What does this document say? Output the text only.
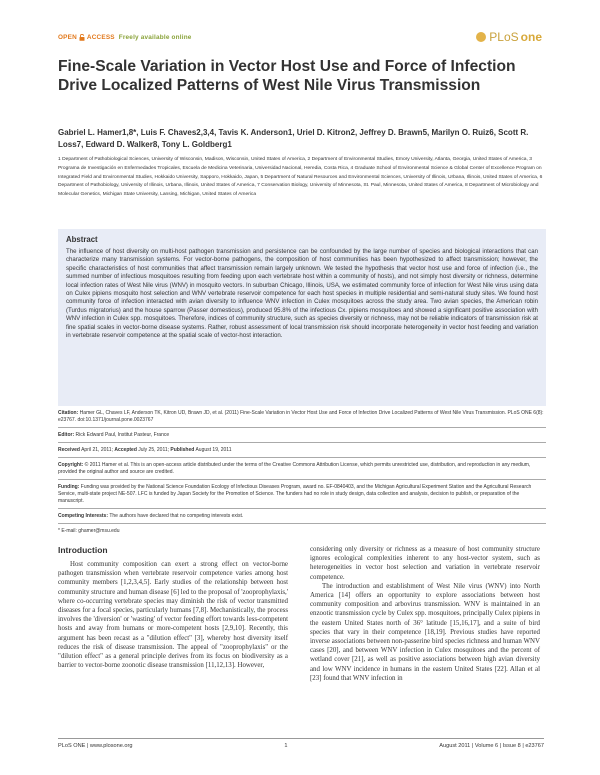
OPEN ACCESS Freely available online	PLoS one
Fine-Scale Variation in Vector Host Use and Force of Infection Drive Localized Patterns of West Nile Virus Transmission
Gabriel L. Hamer1,8*, Luis F. Chaves2,3,4, Tavis K. Anderson1, Uriel D. Kitron2, Jeffrey D. Brawn5, Marilyn O. Ruiz6, Scott R. Loss7, Edward D. Walker8, Tony L. Goldberg1
1 Department of Pathobiological Sciences, University of Wisconsin, Madison, Wisconsin, United States of America, 2 Department of Environmental Studies, Emory University, Atlanta, Georgia, United States of America, 3 Programa de Investigación en Enfermedades Tropicales, Escuela de Medicina Veterinaria, Universidad Nacional, Heredia, Costa Rica, 4 Graduate School of Environmental Science & Global Center of Excellence Program on Integrated Field and Environmental Studies, Hokkaido University, Sapporo, Hokkaido, Japan, 5 Department of Natural Resources and Environmental Sciences, University of Illinois, Urbana, Illinois, United States of America, 6 Department of Pathobiology, University of Illinois, Urbana, Illinois, United States of America, 7 Conservation Biology, University of Minnesota, St. Paul, Minnesota, United States of America, 8 Department of Microbiology and Molecular Genetics, Michigan State University, Lansing, Michigan, United States of America
Abstract

The influence of host diversity on multi-host pathogen transmission and persistence can be confounded by the large number of species and biological interactions that can characterize many transmission systems. For vector-borne pathogens, the composition of host communities has been hypothesized to affect transmission; however, the specific characteristics of host communities that affect transmission remain largely unknown. We tested the hypothesis that vector host use and force of infection (i.e., the summed number of infectious mosquitoes resulting from feeding upon each vertebrate host within a community of hosts), and not simply host diversity or richness, determine local infection rates of West Nile virus (WNV) in mosquito vectors. In suburban Chicago, Illinois, USA, we estimated community force of infection for West Nile virus using data on Culex pipiens mosquito host selection and WNV vertebrate reservoir competence for each host species in multiple residential and semi-natural study sites. We found host community force of infection interacted with avian diversity to influence WNV infection in Culex mosquitoes across the study area. Two avian species, the American robin (Turdus migratorius) and the house sparrow (Passer domesticus), produced 95.8% of the infectious Cx. pipiens mosquitoes and showed a significant positive association with WNV infection in Culex spp. mosquitoes. Therefore, indices of community structure, such as species diversity or richness, may not be reliable indicators of transmission risk at fine spatial scales in vector-borne disease systems. Rather, robust assessment of local transmission risk should incorporate heterogeneity in vector host feeding and variation in vertebrate reservoir competence at the spatial scale of vector-host interaction.

Citation: Hamer GL, Chaves LF, Anderson TK, Kitron UD, Brawn JD, et al. (2011) Fine-Scale Variation in Vector Host Use and Force of Infection Drive Localized Patterns of West Nile Virus Transmission. PLoS ONE 6(8): e23767. doi:10.1371/journal.pone.0023767

Editor: Rick Edward Paul, Institut Pasteur, France

Received April 21, 2011; Accepted July 25, 2011; Published August 19, 2011

Copyright: © 2011 Hamer et al. This is an open-access article distributed under the terms of the Creative Commons Attribution License, which permits unrestricted use, distribution, and reproduction in any medium, provided the original author and source are credited.

Funding: Funding was provided by the National Science Foundation Ecology of Infectious Diseases Program, award no. EF-0840403, and the Michigan Agricultural Experiment Station and the Agricultural Research Service, multi-state project NE-507. LFC is funded by Japan Society for the Promotion of Science. The funders had no role in study design, data collection and analysis, decision to publish, or preparation of the manuscript.

Competing Interests: The authors have declared that no competing interests exist.

* E-mail: ghamer@msu.edu

Introduction

Host community composition can exert a strong effect on vector-borne pathogen transmission when vertebrate reservoir competence varies among host community members [1,2,3,4,5]. Early studies of the relationship between host community structure and human disease [6] led to the proposal of 'zooprophylaxis,' where co-occurring vertebrate species may diminish the risk of vector transmitted diseases for a focal species, particularly humans [7,8]. Mechanistically, the process involves the 'diversion' or 'wasting' of vector feeding effort towards less-competent hosts and away from humans or more-competent hosts [2,9,10]. Recently, this argument has been recast as a "dilution effect" [3], whereby host diversity itself reduces the risk of disease transmission. The appeal of "zooprophylaxis" or the "dilution effect" as a general principle derives from its focus on biodiversity as a barrier to vector-borne zoonotic disease transmission [11,12,13]. However,

considering only diversity or richness as a measure of host community structure ignores ecological complexities inherent to any host-vector system, such as heterogeneities in vector host selection and variation in vertebrate reservoir competence.

The introduction and establishment of West Nile virus (WNV) into North America [14] offers an opportunity to explore associations between host community composition and arbovirus transmission. WNV is maintained in an enzootic transmission cycle by Culex spp. mosquitoes, principally Culex pipiens in the eastern United States north of 36° latitude [15,16,17], and a suite of bird species that vary in their competence [18,19]. Previous studies have reported inverse associations between non-passerine bird species richness and human WNV cases [20], and between WNV infection in Culex mosquitoes and the percent of wetland cover [21], as well as positive associations between high avian diversity and low WNV incidence in humans in the eastern United States [22]. Allan et al [23] found that WNV infection in

PLoS ONE | www.plosone.org	1	August 2011 | Volume 6 | Issue 8 | e23767
